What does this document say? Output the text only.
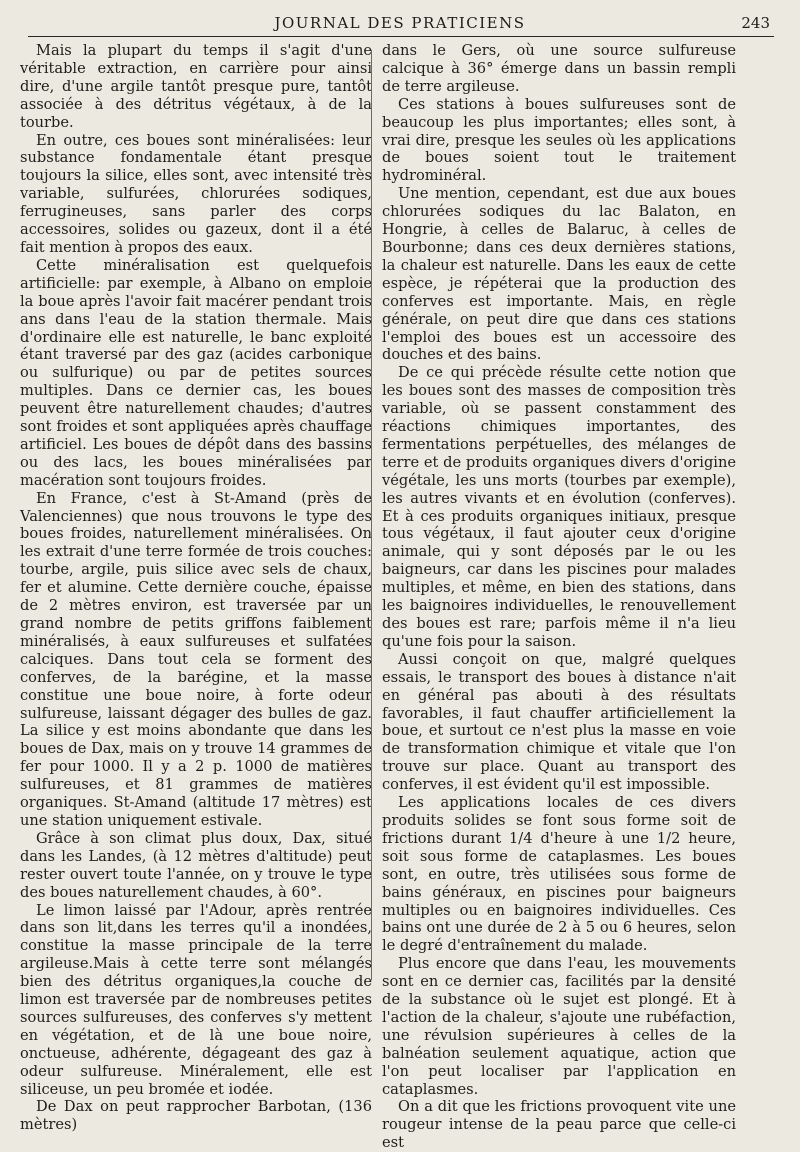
JOURNAL DES PRATICIENS	243

Mais la plupart du temps il s'agit d'une véritable extraction, en carrière pour ainsi dire, d'une argile tantôt presque pure, tantôt associée à des détritus végétaux, à de la tourbe.

En outre, ces boues sont minéralisées: leur substance fondamentale étant presque toujours la silice, elles sont, avec intensité très variable, sulfurées, chlorurées sodiques, ferrugineuses, sans parler des corps accessoires, solides ou gazeux, dont il a été fait mention à propos des eaux.

Cette minéralisation est quelquefois artificielle: par exemple, à Albano on emploie la boue après l'avoir fait macérer pendant trois ans dans l'eau de la station thermale. Mais d'ordinaire elle est naturelle, le banc exploité étant traversé par des gaz (acides carbonique ou sulfurique) ou par de petites sources multiples. Dans ce dernier cas, les boues peuvent être naturellement chaudes; d'autres sont froides et sont appliquées après chauffage artificiel. Les boues de dépôt dans des bassins ou des lacs, les boues minéralisées par macération sont toujours froides.

En France, c'est à St-Amand (près de Valenciennes) que nous trouvons le type des boues froides, naturellement minéralisées. On les extrait d'une terre formée de trois couches: tourbe, argile, puis silice avec sels de chaux, fer et alumine. Cette dernière couche, épaisse de 2 mètres environ, est traversée par un grand nombre de petits griffons faiblement minéralisés, à eaux sulfureuses et sulfatées calciques. Dans tout cela se forment des conferves, de la barégine, et la masse constitue une boue noire, à forte odeur sulfureuse, laissant dégager des bulles de gaz. La silice y est moins abondante que dans les boues de Dax, mais on y trouve 14 grammes de fer pour 1000. Il y a 2 p. 1000 de matières sulfureuses, et 81 grammes de matières organiques. St-Amand (altitude 17 mètres) est une station uniquement estivale.

Grâce à son climat plus doux, Dax, situé dans les Landes, (à 12 mètres d'altitude) peut rester ouvert toute l'année, on y trouve le type des boues naturellement chaudes, à 60°.

Le limon laissé par l'Adour, après rentrée dans son lit,dans les terres qu'il a inondées, constitue la masse principale de la terre argileuse.Mais à cette terre sont mélangés bien des détritus organiques,la couche de limon est traversée par de nombreuses petites sources sulfureuses, des conferves s'y mettent en végétation, et de là une boue noire, onctueuse, adhérente, dégageant des gaz à odeur sulfureuse. Minéralement, elle est siliceuse, un peu bromée et iodée.

De Dax on peut rapprocher Barbotan, (136 mètres)

dans le Gers, où une source sulfureuse calcique à 36° émerge dans un bassin rempli de terre argileuse.

Ces stations à boues sulfureuses sont de beaucoup les plus importantes; elles sont, à vrai dire, presque les seules où les applications de boues soient tout le traitement hydrominéral.

Une mention, cependant, est due aux boues chlorurées sodiques du lac Balaton, en Hongrie, à celles de Balaruc, à celles de Bourbonne; dans ces deux dernières stations, la chaleur est naturelle. Dans les eaux de cette espèce, je répéterai que la production des conferves est importante. Mais, en règle générale, on peut dire que dans ces stations l'emploi des boues est un accessoire des douches et des bains.

De ce qui précède résulte cette notion que les boues sont des masses de composition très variable, où se passent constamment des réactions chimiques importantes, des fermentations perpétuelles, des mélanges de terre et de produits organiques divers d'origine végétale, les uns morts (tourbes par exemple), les autres vivants et en évolution (conferves). Et à ces produits organiques initiaux, presque tous végétaux, il faut ajouter ceux d'origine animale, qui y sont déposés par le ou les baigneurs, car dans les piscines pour malades multiples, et même, en bien des stations, dans les baignoires individuelles, le renouvellement des boues est rare; parfois même il n'a lieu qu'une fois pour la saison.

Aussi conçoit on que, malgré quelques essais, le transport des boues à distance n'ait en général pas abouti à des résultats favorables, il faut chauffer artificiellement la boue, et surtout ce n'est plus la masse en voie de transformation chimique et vitale que l'on trouve sur place. Quant au transport des conferves, il est évident qu'il est impossible.

Les applications locales de ces divers produits solides se font sous forme soit de frictions durant 1/4 d'heure à une 1/2 heure, soit sous forme de cataplasmes. Les boues sont, en outre, très utilisées sous forme de bains généraux, en piscines pour baigneurs multiples ou en baignoires individuelles. Ces bains ont une durée de 2 à 5 ou 6 heures, selon le degré d'entraînement du malade.

Plus encore que dans l'eau, les mouvements sont en ce dernier cas, facilités par la densité de la substance où le sujet est plongé. Et à l'action de la chaleur, s'ajoute une rubéfaction, une révulsion supérieures à celles de la balnéation seulement aquatique, action que l'on peut localiser par l'application en cataplasmes.

On a dit que les frictions provoquent vite une rougeur intense de la peau parce que celle-ci est
